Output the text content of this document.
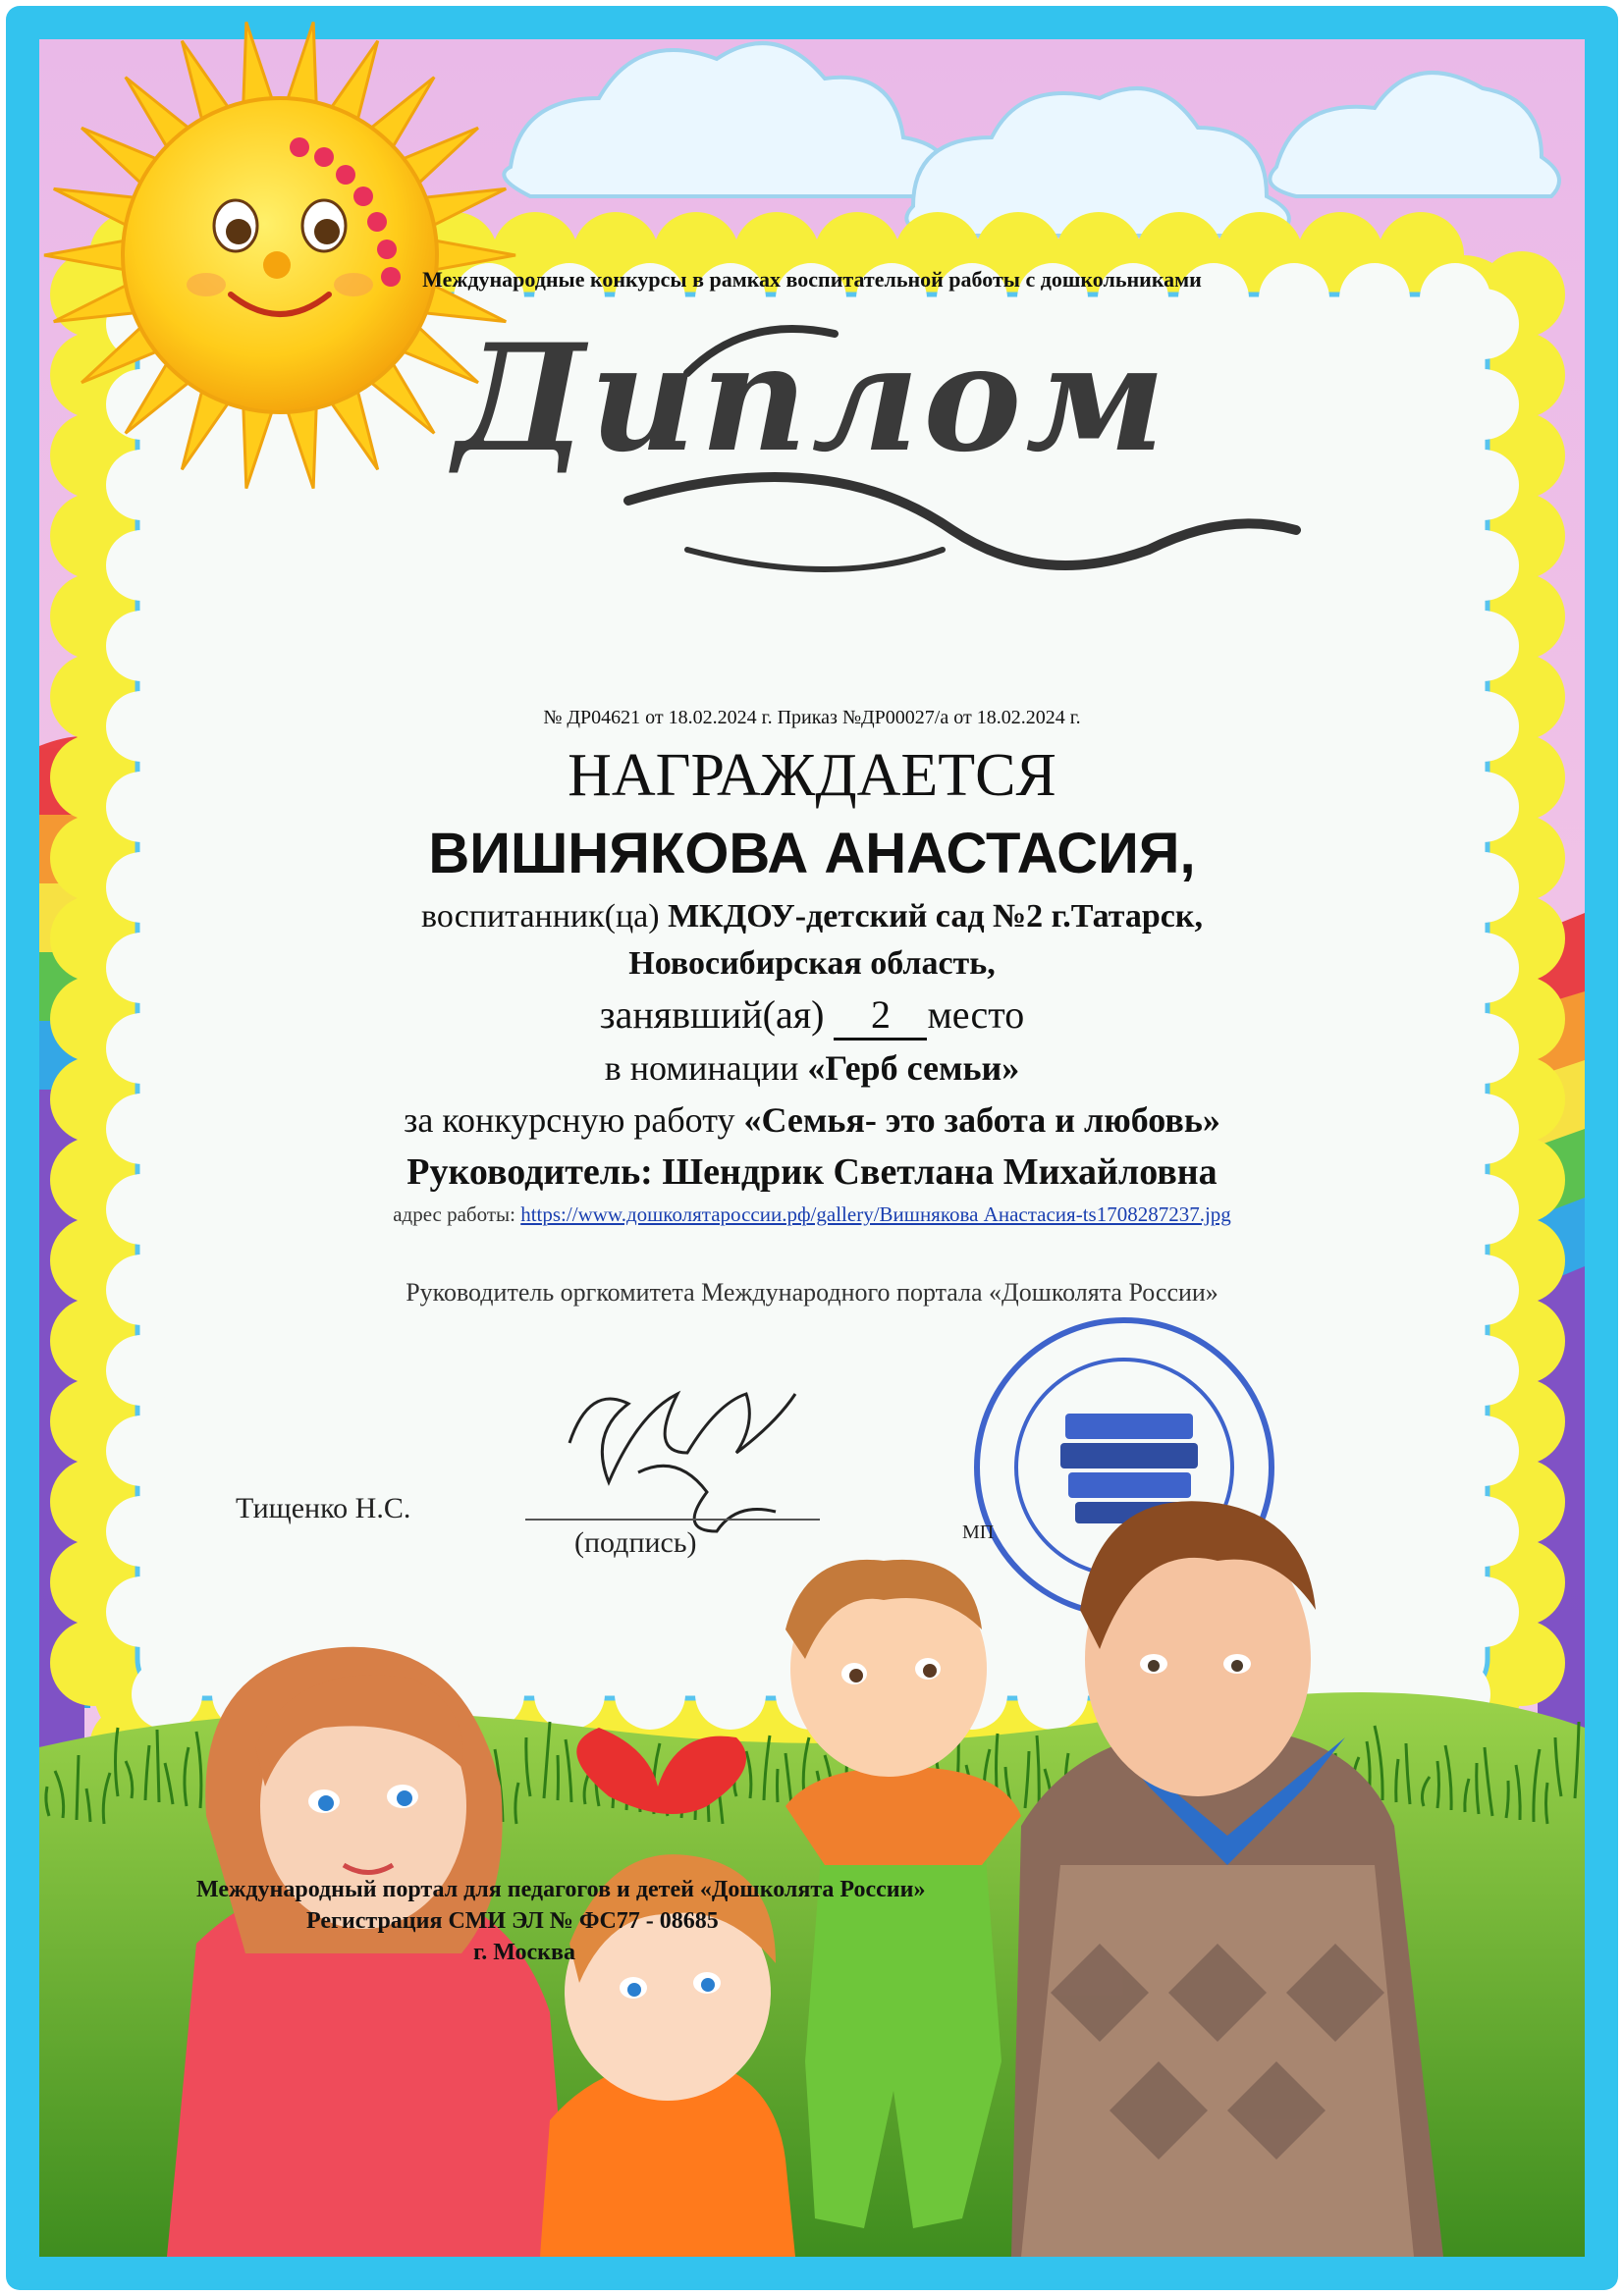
Международные конкурсы в рамках воспитательной работы с дошкольниками
Диплом
№ ДР04621 от 18.02.2024 г. Приказ №ДР00027/а от 18.02.2024 г.
НАГРАЖДАЕТСЯ
ВИШНЯКОВА АНАСТАСИЯ,
воспитанник(ца) МКДОУ-детский сад №2 г.Татарск,
Новосибирская область,
занявший(ая) 2 место
в номинации «Герб семьи»
за конкурсную работу «Семья- это забота и любовь»
Руководитель: Шендрик Светлана Михайловна
адрес работы: https://www.дошколятароссии.рф/gallery/Вишнякова Анастасия-ts1708287237.jpg
Руководитель оргкомитета Международного портала «Дошколята России»
Тищенко Н.С.
(подпись)	МП
Международный портал для педагогов и детей «Дошколята России»
Регистрация СМИ ЭЛ № ФС77 - 08685
г. Москва
